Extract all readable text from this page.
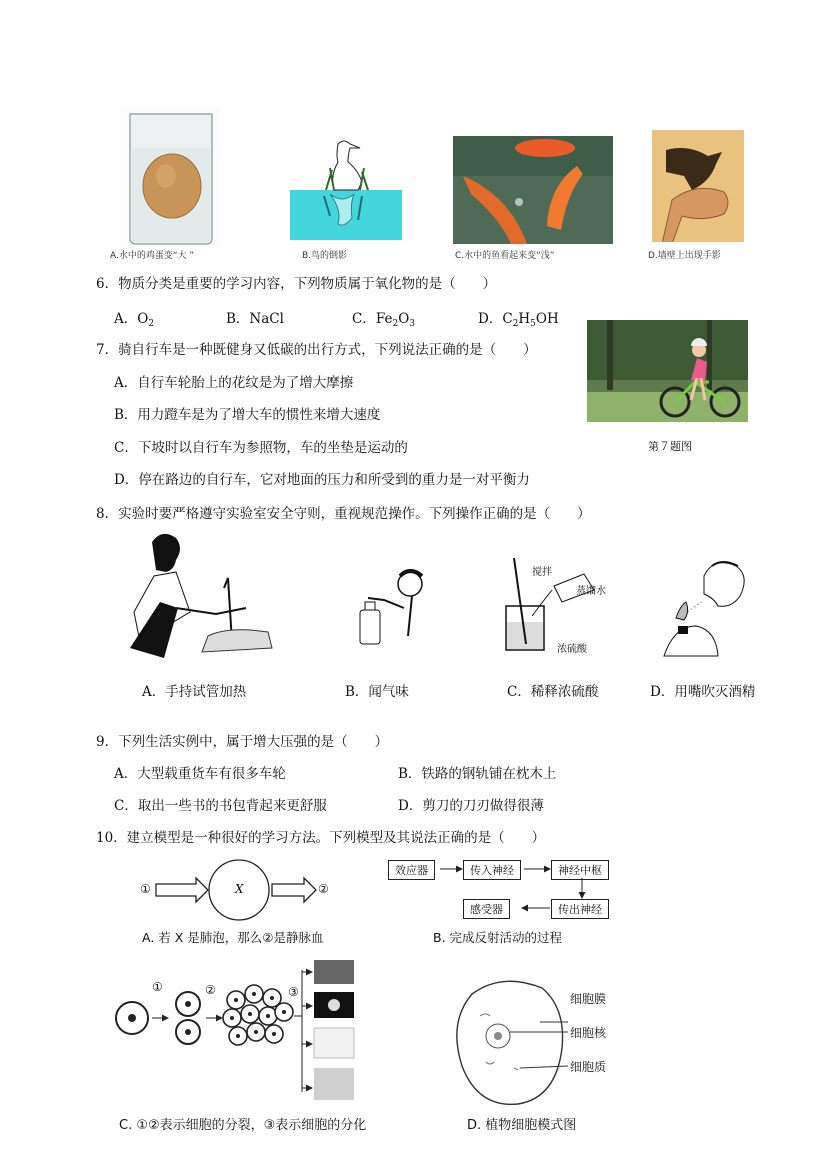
A.水中的鸡蛋变“大 ”	B.鸟的倒影	C.水中的鱼看起来变“浅”	D.墙壁上出现手影
6．物质分类是重要的学习内容，下列物质属于氧化物的是（　　）
A．$O_2$	B．NaCl	C．$Fe_2O_3$	D．$C_2H_5OH$
7．骑自行车是一种既健身又低碳的出行方式，下列说法正确的是（　　）
A．自行车轮胎上的花纹是为了增大摩擦
B．用力蹬车是为了增大车的惯性来增大速度
C．下坡时以自行车为参照物，车的坐垫是运动的
D．停在路边的自行车，它对地面的压力和所受到的重力是一对平衡力
第７题图
8．实验时要严格遵守实验室安全守则，重视规范操作。下列操作正确的是（　　）
搅拌
蒸馏水
浓硫酸
A．手持试管加热	B．闻气味	C．稀释浓硫酸	D．用嘴吹灭酒精
9．下列生活实例中，属于增大压强的是（　　）
A．大型载重货车有很多车轮	B．铁路的钢轨铺在枕木上
C．取出一些书的书包背起来更舒服	D．剪刀的刀刃做得很薄
10．建立模型是一种很好的学习方法。下列模型及其说法正确的是（　　）
①	X	②
A. 若 X 是肺泡，那么②是静脉血
效应器	传入神经	神经中枢
传出神经
感受器
B. 完成反射活动的过程
①	②	③
C. ①②表示细胞的分裂，③表示细胞的分化
细胞膜
细胞核
细胞质
D. 植物细胞模式图
